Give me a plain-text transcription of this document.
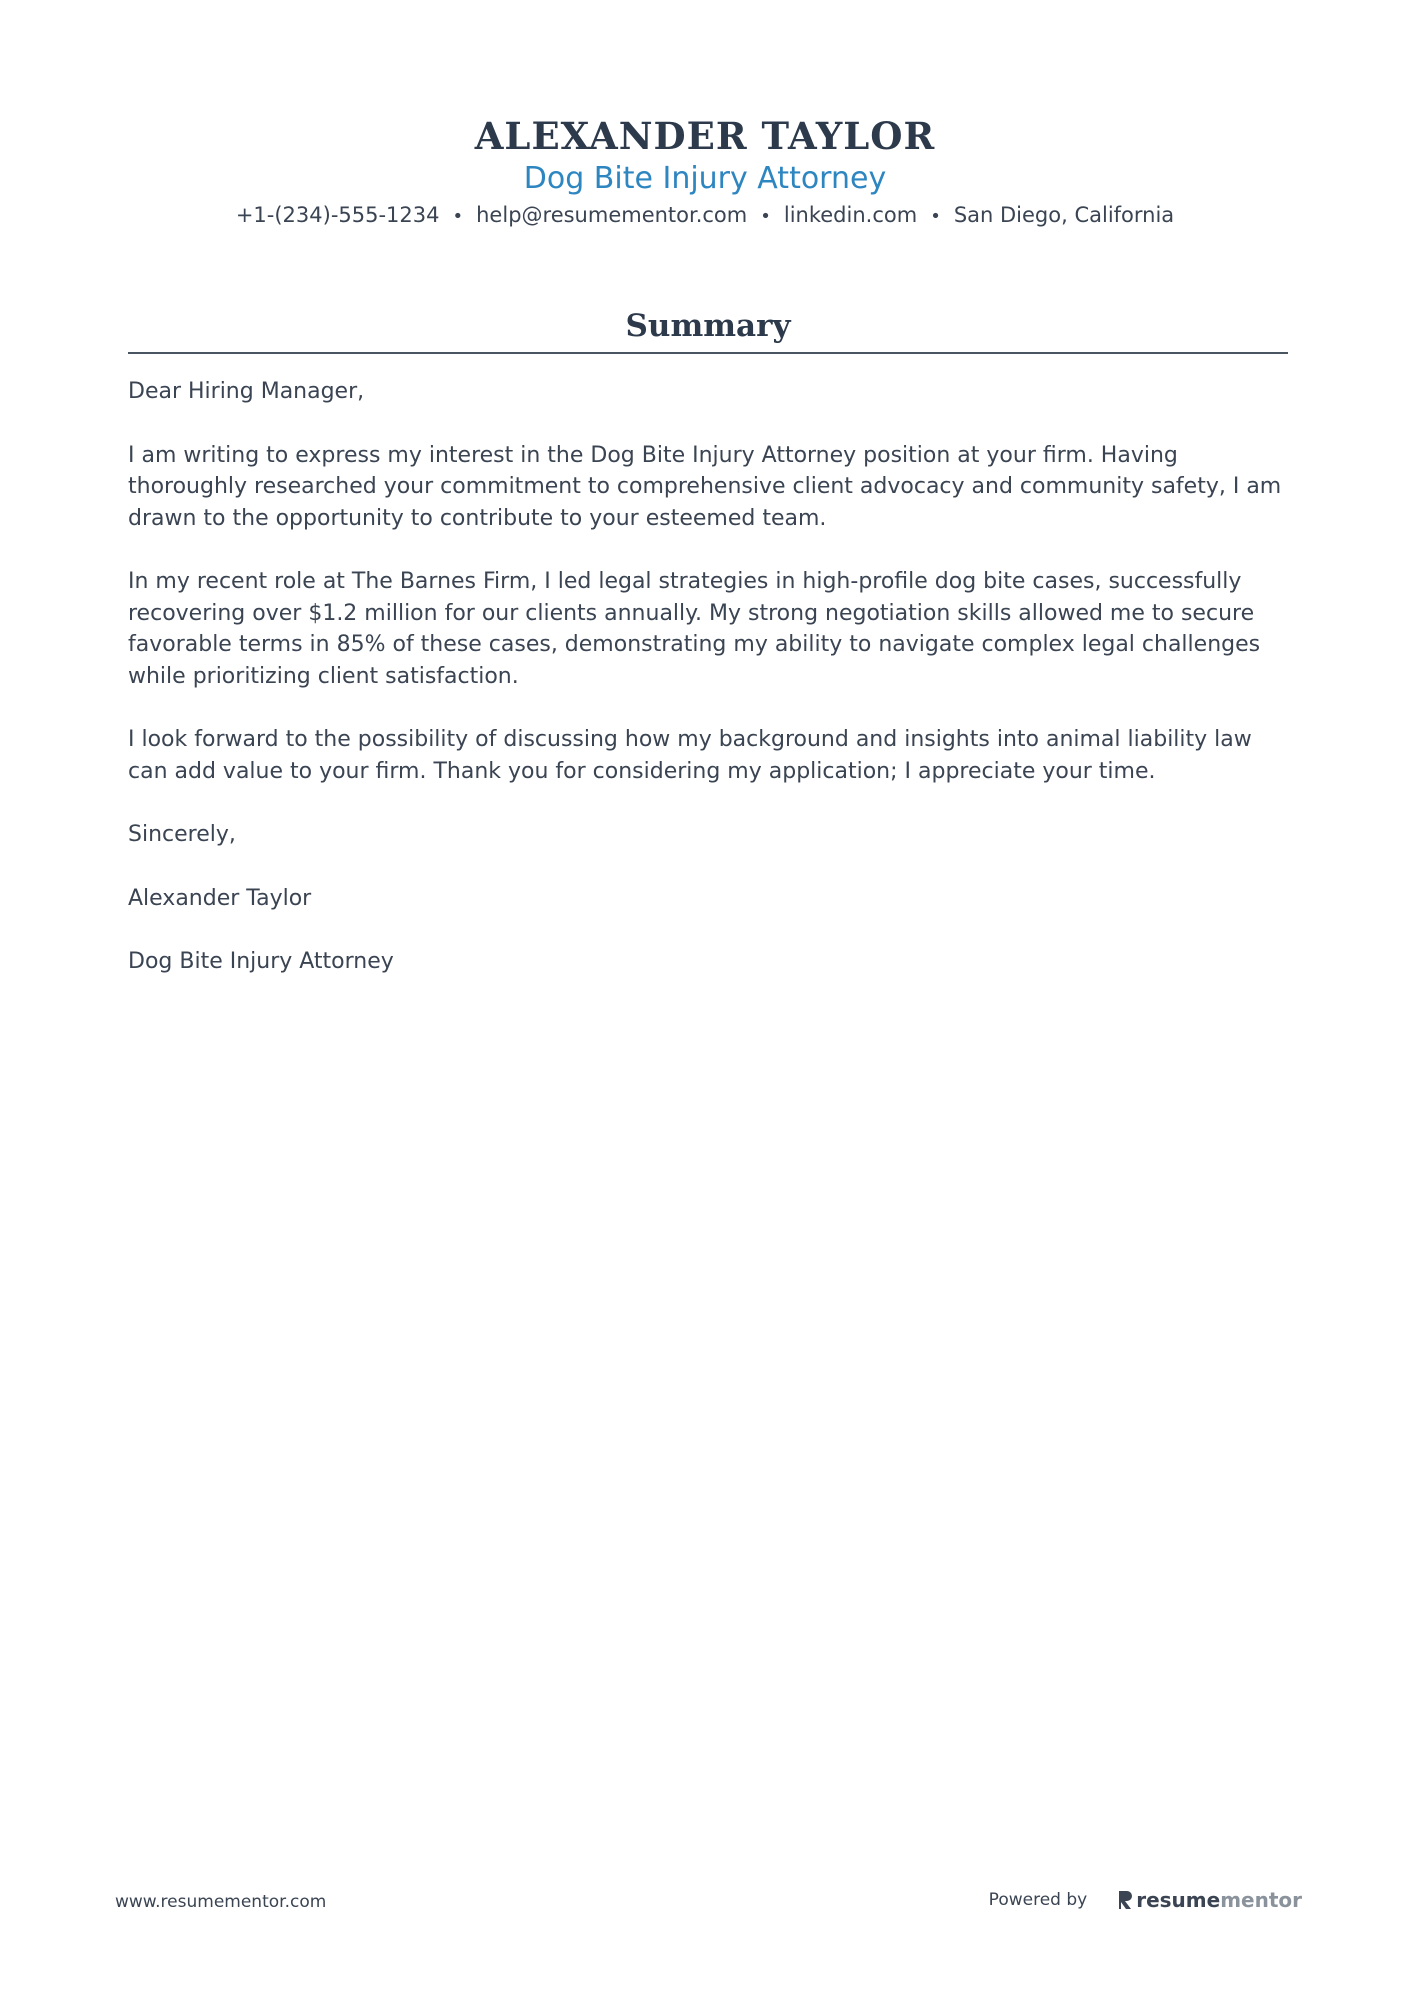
ALEXANDER TAYLOR
Dog Bite Injury Attorney
+1-(234)-555-1234 • help@resumementor.com • linkedin.com • San Diego, California
Summary

Dear Hiring Manager,

I am writing to express my interest in the Dog Bite Injury Attorney position at your firm. Having thoroughly researched your commitment to comprehensive client advocacy and community safety, I am drawn to the opportunity to contribute to your esteemed team.

In my recent role at The Barnes Firm, I led legal strategies in high-profile dog bite cases, successfully recovering over $1.2 million for our clients annually. My strong negotiation skills allowed me to secure favorable terms in 85% of these cases, demonstrating my ability to navigate complex legal challenges while prioritizing client satisfaction.

I look forward to the possibility of discussing how my background and insights into animal liability law can add value to your firm. Thank you for considering my application; I appreciate your time.

Sincerely,

Alexander Taylor

Dog Bite Injury Attorney

www.resumementor.com	Powered by resume mentor
